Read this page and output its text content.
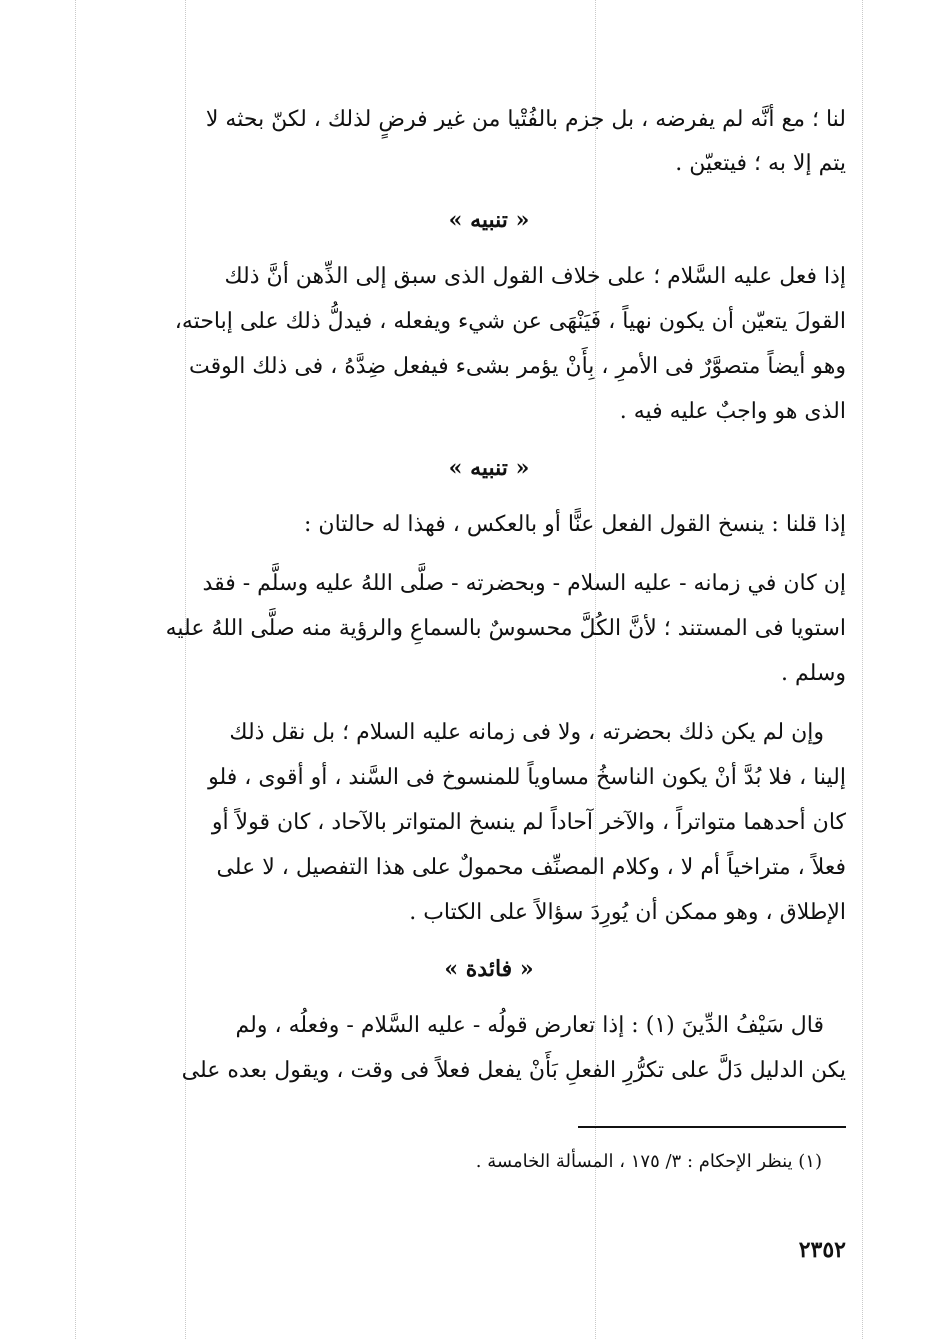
لنا ؛ مع أنَّه لم يفرضه ، بل جزم بالفُتْيا من غير فرضٍ لذلك ، لكنّ بحثه لا

يتم إلا به ؛ فيتعيّن .

« تنبيه »

إذا فعل عليه السَّلام ؛ على خلاف القول الذى سبق إلى الذِّهن أنَّ ذلك

القولَ يتعيّن أن يكون نهياً ، فَيَنْهَى عن شيء ويفعله ، فيدلُّ ذلك على إباحته،

وهو أيضاً متصوَّرٌ فى الأمرِ ، بِأَنْ يؤمر بشىء فيفعل ضِدَّهُ ، فى ذلك الوقت

الذى هو واجبٌ عليه فيه .

« تنبيه »

إذا قلنا : ينسخ القول الفعل عنًّا أو بالعكس ، فهذا له حالتان :

إن كان في زمانه - عليه السلام - وبحضرته - صلَّى اللهُ عليه وسلَّم - فقد

استويا فى المستند ؛ لأنَّ الكُلَّ محسوسٌ بالسماعِ والرؤية منه صلَّى اللهُ عليه

وسلم .

وإن لم يكن ذلك بحضرته ، ولا فى زمانه عليه السلام ؛ بل نقل ذلك

إلينا ، فلا بُدَّ أنْ يكون الناسخُ مساوياً للمنسوخ فى السَّند ، أو أقوى ، فلو

كان أحدهما متواتراً ، والآخر آحاداً لم ينسخ المتواتر بالآحاد ، كان قولاً أو

فعلاً ، متراخياً أم لا ، وكلام المصنِّف محمولٌ على هذا التفصيل ، لا على

الإطلاق ، وهو ممكن أن يُورِدَ سؤالاً على الكتاب .

« فائدة »

قال سَيْفُ الدِّينَ (١) : إذا تعارض قولُه - عليه السَّلام - وفعلُه ، ولم

يكن الدليل دَلَّ على تكرُّرِ الفعلِ بَأَنْ يفعل فعلاً فى وقت ، ويقول بعده على

(١) ينظر الإحكام : ٣/ ١٧٥ ، المسألة الخامسة .
٢٣٥٢
